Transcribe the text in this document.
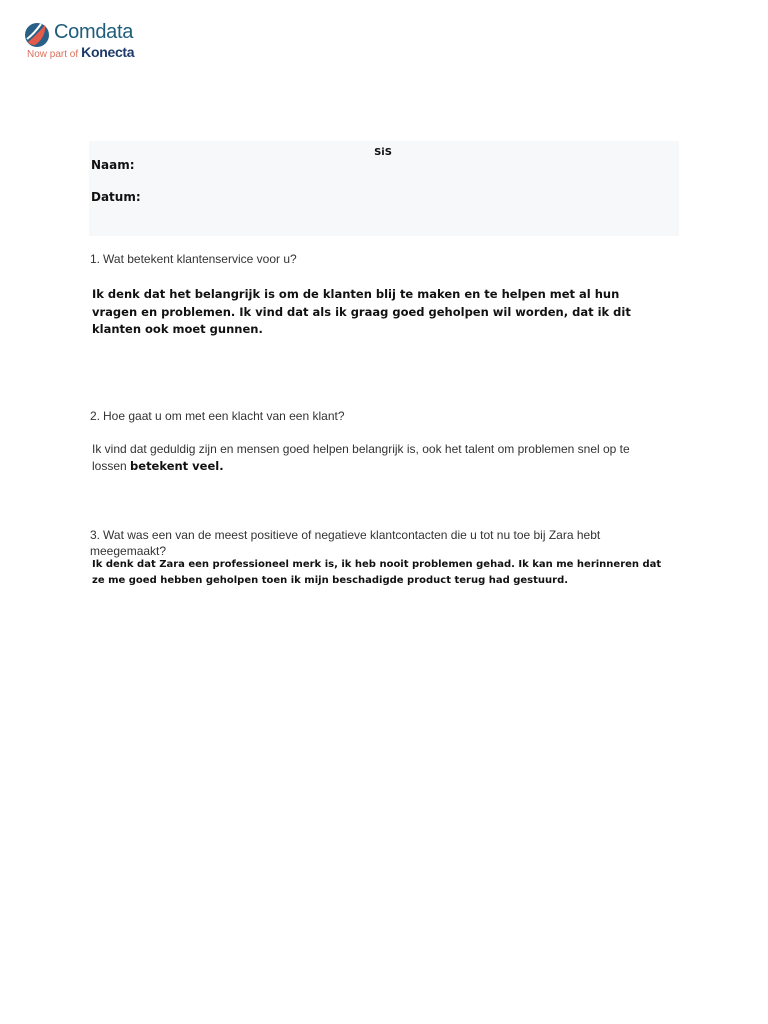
Comdata
Now part of Konecta
SiS
Naam:
Datum:
1. Wat betekent klantenservice voor u?
Ik denk dat het belangrijk is om de klanten blij te maken en te helpen met al hun vragen en problemen. Ik vind dat als ik graag goed geholpen wil worden, dat ik dit klanten ook moet gunnen.
2. Hoe gaat u om met een klacht van een klant?
Ik vind dat geduldig zijn en mensen goed helpen belangrijk is, ook het talent om problemen snel op te lossen betekent veel.
3. Wat was een van de meest positieve of negatieve klantcontacten die u tot nu toe bij Zara hebt meegemaakt?
Ik denk dat Zara een professioneel merk is, ik heb nooit problemen gehad. Ik kan me herinneren dat ze me goed hebben geholpen toen ik mijn beschadigde product terug had gestuurd.
